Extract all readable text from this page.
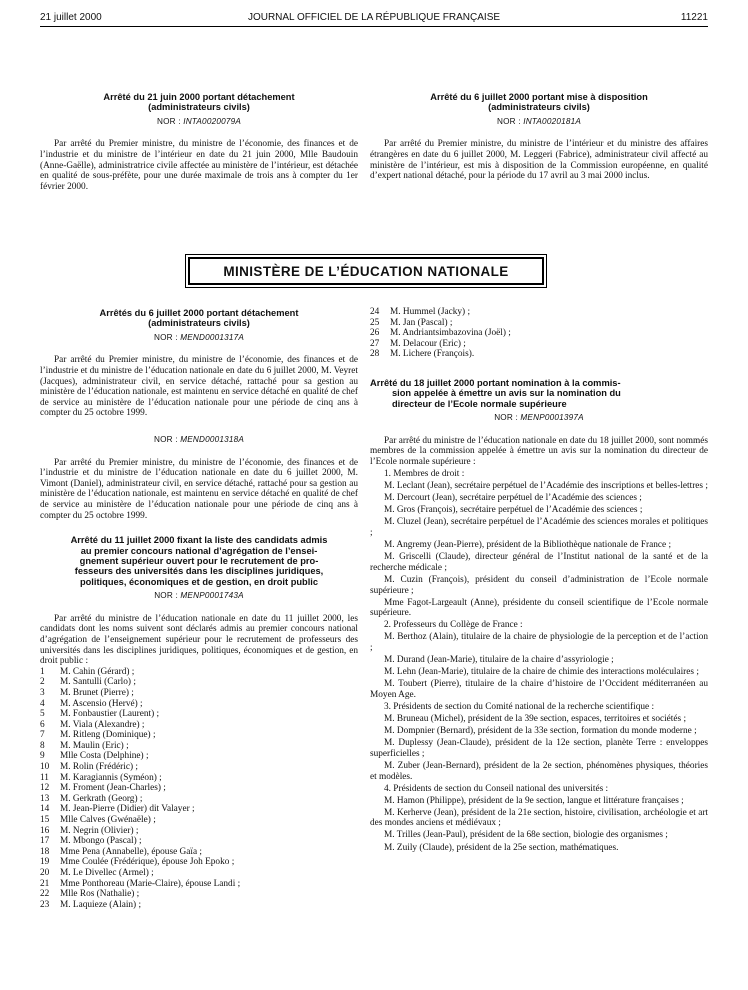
21 juillet 2000	JOURNAL OFFICIEL DE LA RÉPUBLIQUE FRANÇAISE	11221

Arrêté du 21 juin 2000 portant détachement
(administrateurs civils)

NOR : INTA0020079A

Par arrêté du Premier ministre, du ministre de l’économie, des finances et de l’industrie et du ministre de l’intérieur en date du 21 juin 2000, Mlle Baudouin (Anne-Gaëlle), administratrice civile affectée au ministère de l’intérieur, est détachée en qualité de sous-préfète, pour une durée maximale de trois ans à compter du 1er février 2000.

Arrêté du 6 juillet 2000 portant mise à disposition
(administrateurs civils)

NOR : INTA0020181A

Par arrêté du Premier ministre, du ministre de l’intérieur et du ministre des affaires étrangères en date du 6 juillet 2000, M. Leggeri (Fabrice), administrateur civil affecté au ministère de l’intérieur, est mis à disposition de la Commission européenne, en qualité d’expert national détaché, pour la période du 17 avril au 3 mai 2000 inclus.

MINISTÈRE DE L’ÉDUCATION NATIONALE

Arrêtés du 6 juillet 2000 portant détachement
(administrateurs civils)

NOR : MEND0001317A

Par arrêté du Premier ministre, du ministre de l’économie, des finances et de l’industrie et du ministre de l’éducation nationale en date du 6 juillet 2000, M. Veyret (Jacques), administrateur civil, en service détaché, rattaché pour sa gestion au ministère de l’éducation nationale, est maintenu en service détaché en qualité de chef de service au ministère de l’éducation nationale pour une période de cinq ans à compter du 25 octobre 1999.

NOR : MEND0001318A

Par arrêté du Premier ministre, du ministre de l’économie, des finances et de l’industrie et du ministre de l’éducation nationale en date du 6 juillet 2000, M. Vimont (Daniel), administrateur civil, en service détaché, rattaché pour sa gestion au ministère de l’éducation nationale, est maintenu en service détaché en qualité de chef de service au ministère de l’éducation nationale pour une période de cinq ans à compter du 25 octobre 1999.

Arrêté du 11 juillet 2000 fixant la liste des candidats admis
au premier concours national d’agrégation de l’ensei-
gnement supérieur ouvert pour le recrutement de pro-
fesseurs des universités dans les disciplines juridiques,
politiques, économiques et de gestion, en droit public

NOR : MENP0001743A

Par arrêté du ministre de l’éducation nationale en date du 11 juillet 2000, les candidats dont les noms suivent sont déclarés admis au premier concours national d’agrégation de l’enseignement supérieur pour le recrutement de professeurs des universités dans les disciplines juridiques, politiques, économiques et de gestion, en droit public :

1	M. Cahin (Gérard) ;
2	M. Santulli (Carlo) ;
3	M. Brunet (Pierre) ;
4	M. Ascensio (Hervé) ;
5	M. Fonbaustier (Laurent) ;
6	M. Viala (Alexandre) ;
7	M. Ritleng (Dominique) ;
8	M. Maulin (Eric) ;
9	Mlle Costa (Delphine) ;
10	M. Rolin (Frédéric) ;
11	M. Karagiannis (Syméon) ;
12	M. Froment (Jean-Charles) ;
13	M. Gerkrath (Georg) ;
14	M. Jean-Pierre (Didier) dit Valayer ;
15	Mlle Calves (Gwénaële) ;
16	M. Negrin (Olivier) ;
17	M. Mbongo (Pascal) ;
18	Mme Pena (Annabelle), épouse Gaïa ;
19	Mme Coulée (Frédérique), épouse Joh Epoko ;
20	M. Le Divellec (Armel) ;
21	Mme Ponthoreau (Marie-Claire), épouse Landi ;
22	Mlle Ros (Nathalie) ;
23	M. Laquieze (Alain) ;
24	M. Hummel (Jacky) ;
25	M. Jan (Pascal) ;
26	M. Andriantsimbazovina (Joël) ;
27	M. Delacour (Eric) ;
28	M. Lichere (François).

Arrêté du 18 juillet 2000 portant nomination à la commis-
sion appelée à émettre un avis sur la nomination du
directeur de l’Ecole normale supérieure

NOR : MENP0001397A

Par arrêté du ministre de l’éducation nationale en date du 18 juillet 2000, sont nommés membres de la commission appelée à émettre un avis sur la nomination du directeur de l’Ecole normale supérieure :

1. Membres de droit :

M. Leclant (Jean), secrétaire perpétuel de l’Académie des inscriptions et belles-lettres ;

M. Dercourt (Jean), secrétaire perpétuel de l’Académie des sciences ;

M. Gros (François), secrétaire perpétuel de l’Académie des sciences ;

M. Cluzel (Jean), secrétaire perpétuel de l’Académie des sciences morales et politiques ;

M. Angremy (Jean-Pierre), président de la Bibliothèque nationale de France ;

M. Griscelli (Claude), directeur général de l’Institut national de la santé et de la recherche médicale ;

M. Cuzin (François), président du conseil d’administration de l’Ecole normale supérieure ;

Mme Fagot-Largeault (Anne), présidente du conseil scientifique de l’Ecole normale supérieure.

2. Professeurs du Collège de France :

M. Berthoz (Alain), titulaire de la chaire de physiologie de la perception et de l’action ;

M. Durand (Jean-Marie), titulaire de la chaire d’assyriologie ;

M. Lehn (Jean-Marie), titulaire de la chaire de chimie des interactions moléculaires ;

M. Toubert (Pierre), titulaire de la chaire d’histoire de l’Occident méditerranéen au Moyen Age.

3. Présidents de section du Comité national de la recherche scientifique :

M. Bruneau (Michel), président de la 39e section, espaces, territoires et sociétés ;

M. Dompnier (Bernard), président de la 33e section, formation du monde moderne ;

M. Duplessy (Jean-Claude), président de la 12e section, planète Terre : enveloppes superficielles ;

M. Zuber (Jean-Bernard), président de la 2e section, phénomènes physiques, théories et modèles.

4. Présidents de section du Conseil national des universités :

M. Hamon (Philippe), président de la 9e section, langue et littérature françaises ;

M. Kerherve (Jean), président de la 21e section, histoire, civilisation, archéologie et art des mondes anciens et médiévaux ;

M. Trilles (Jean-Paul), président de la 68e section, biologie des organismes ;

M. Zuily (Claude), président de la 25e section, mathématiques.
